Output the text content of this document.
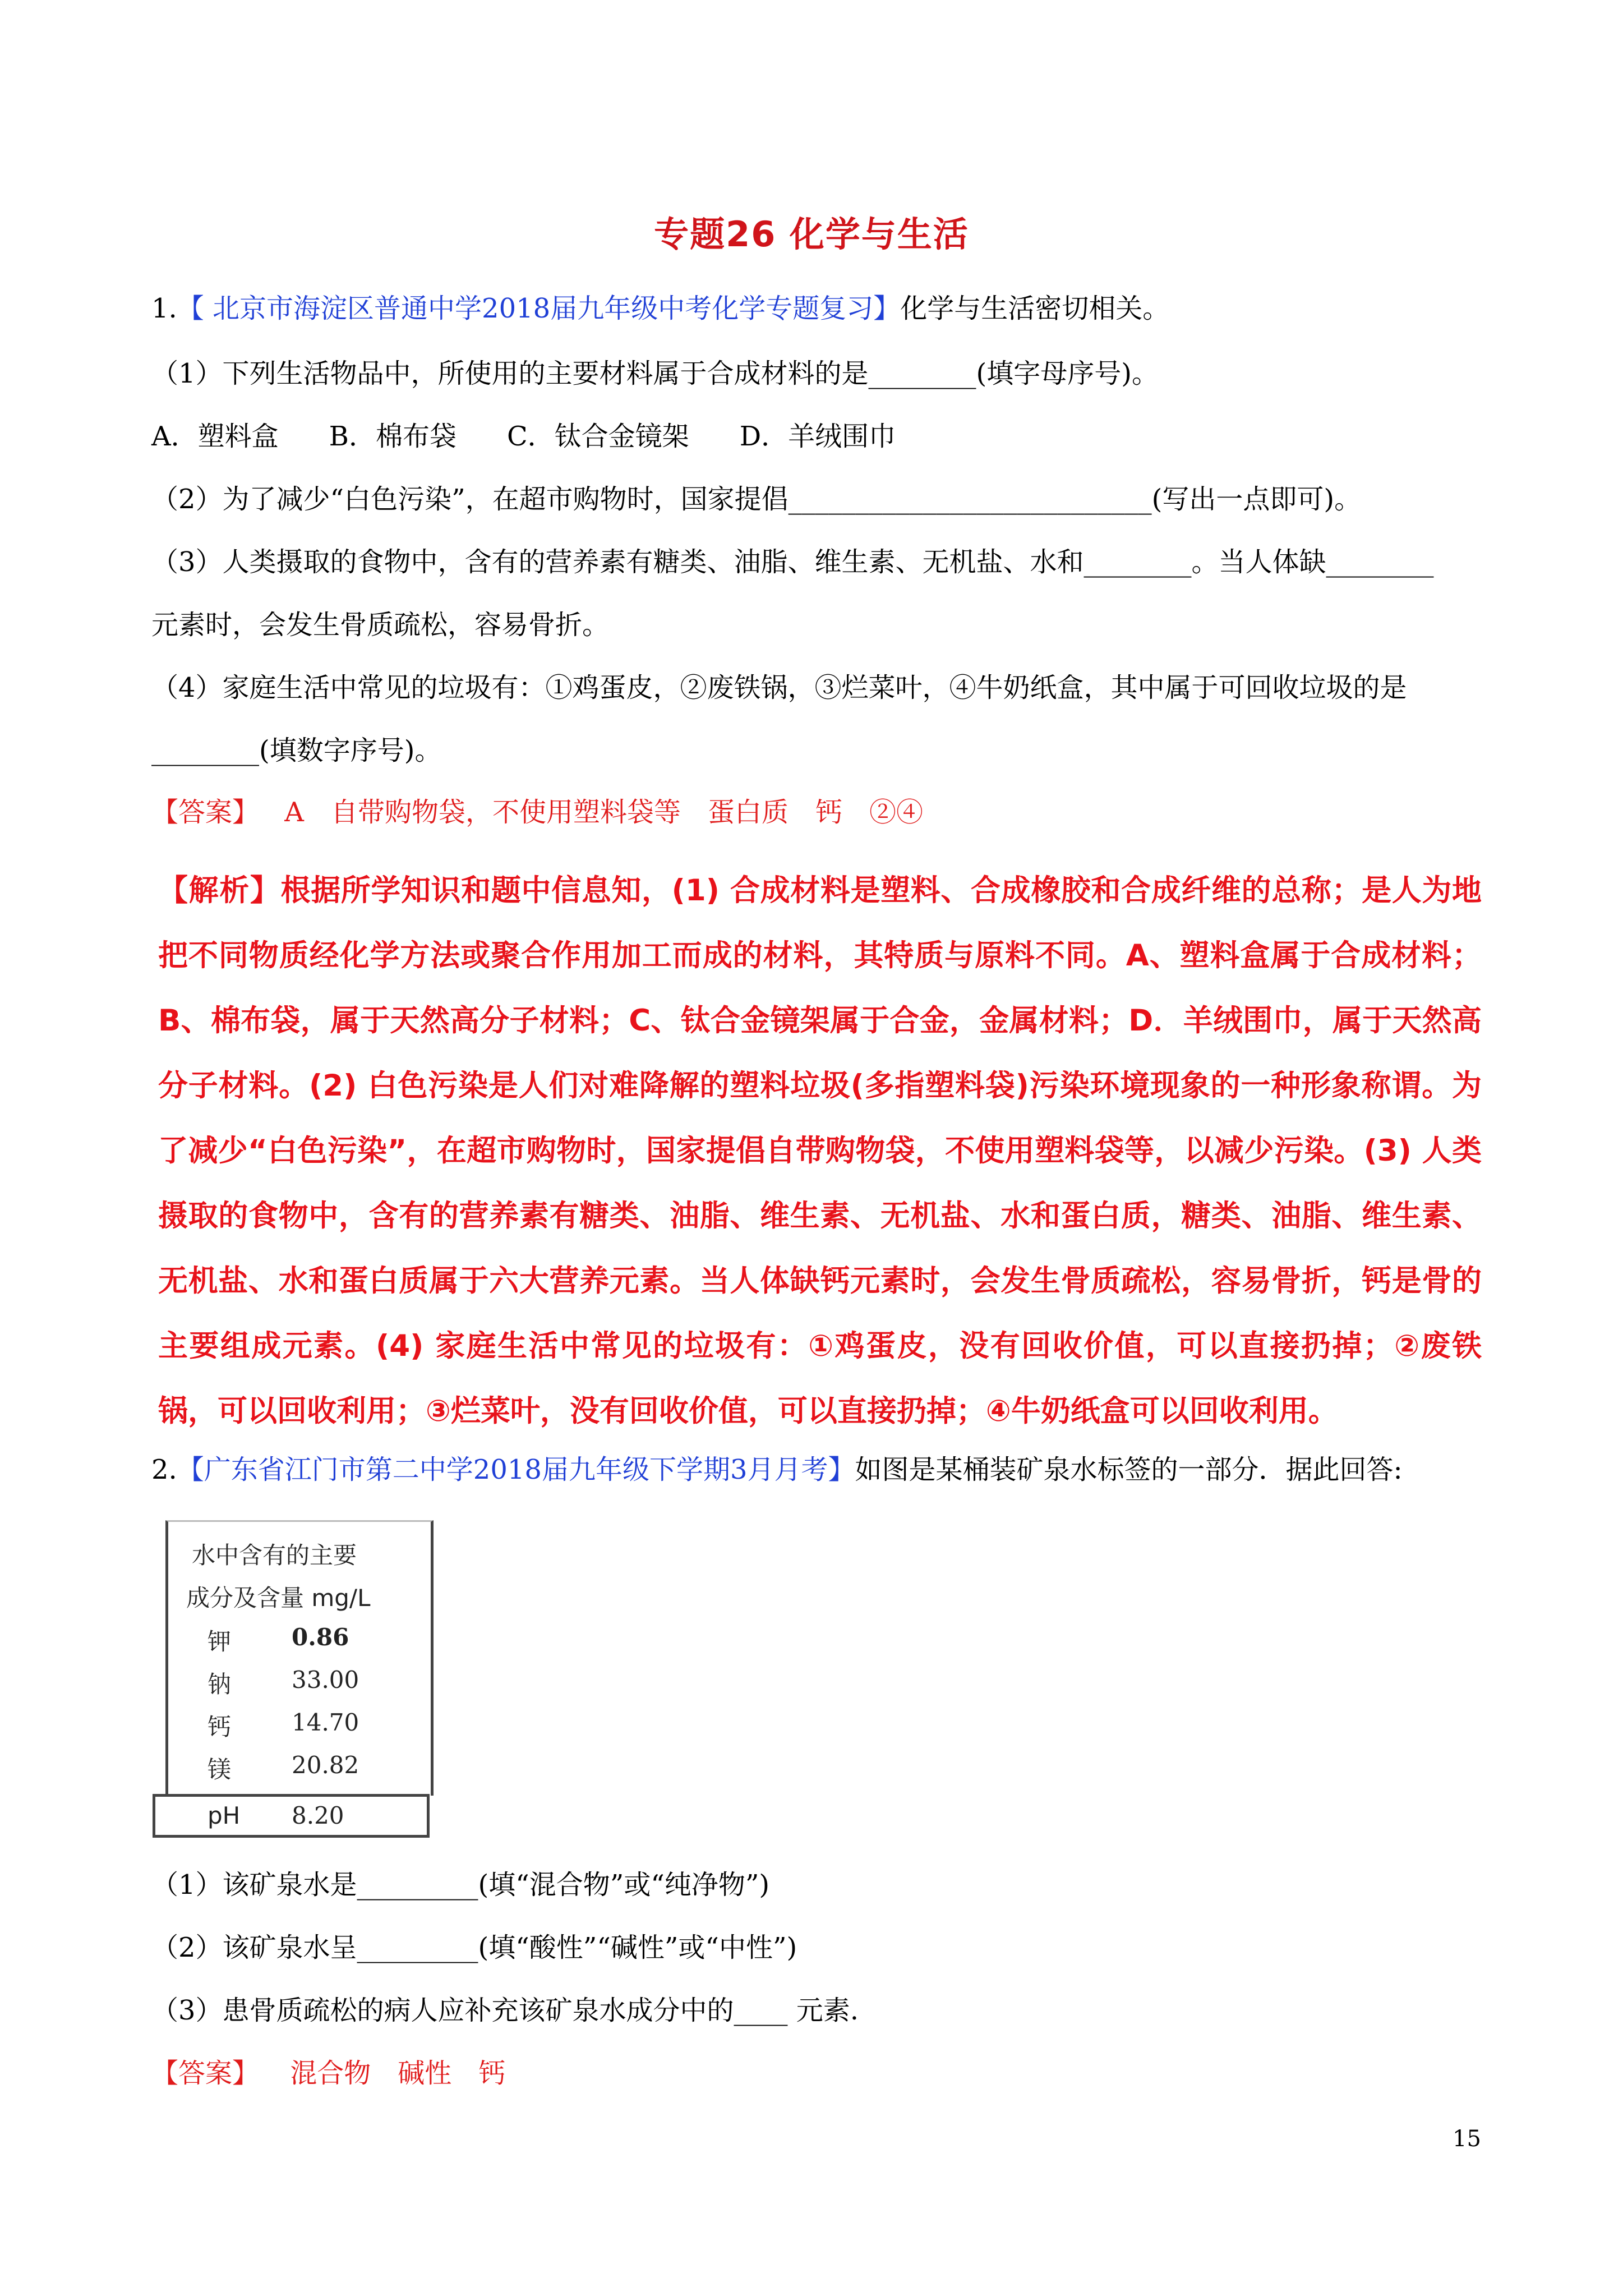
专题26 化学与生活
1.【 北京市海淀区普通中学2018届九年级中考化学专题复习】化学与生活密切相关。
（1）下列生活物品中，所使用的主要材料属于合成材料的是________(填字母序号)。
A．塑料盒 B．棉布袋 C．钛合金镜架 D．羊绒围巾
（2）为了减少“白色污染”，在超市购物时，国家提倡___________________________(写出一点即可)。
（3）人类摄取的食物中，含有的营养素有糖类、油脂、维生素、无机盐、水和________。当人体缺________
元素时，会发生骨质疏松，容易骨折。
（4）家庭生活中常见的垃圾有：①鸡蛋皮，②废铁锅，③烂菜叶，④牛奶纸盒，其中属于可回收垃圾的是
________(填数字序号)。
【答案】 A　自带购物袋，不使用塑料袋等　蛋白质　钙　②④
【解析】根据所学知识和题中信息知，(1) 合成材料是塑料、合成橡胶和合成纤维的总称；是人为地把不同物质经化学方法或聚合作用加工而成的材料，其特质与原料不同。A、塑料盒属于合成材料；B、棉布袋，属于天然高分子材料；C、钛合金镜架属于合金，金属材料；D．羊绒围巾，属于天然高分子材料。(2) 白色污染是人们对难降解的塑料垃圾(多指塑料袋)污染环境现象的一种形象称谓。为了减少“白色污染”，在超市购物时，国家提倡自带购物袋，不使用塑料袋等，以减少污染。(3) 人类摄取的食物中，含有的营养素有糖类、油脂、维生素、无机盐、水和蛋白质，糖类、油脂、维生素、无机盐、水和蛋白质属于六大营养元素。当人体缺钙元素时，会发生骨质疏松，容易骨折，钙是骨的主要组成元素。(4) 家庭生活中常见的垃圾有：①鸡蛋皮，没有回收价值，可以直接扔掉；②废铁锅，可以回收利用；③烂菜叶，没有回收价值，可以直接扔掉；④牛奶纸盒可以回收利用。
2.【广东省江门市第二中学2018届九年级下学期3月月考】如图是某桶装矿泉水标签的一部分．据此回答:
水中含有的主要
成分及含量 mg/L
钾	0.86
钠	33.00
钙	14.70
镁	20.82
pH 8.20
（1）该矿泉水是_________(填“混合物”或“纯净物”)
（2）该矿泉水呈_________(填“酸性”“碱性”或“中性”)
（3）患骨质疏松的病人应补充该矿泉水成分中的____ 元素.
【答案】 混合物　碱性　钙
15
